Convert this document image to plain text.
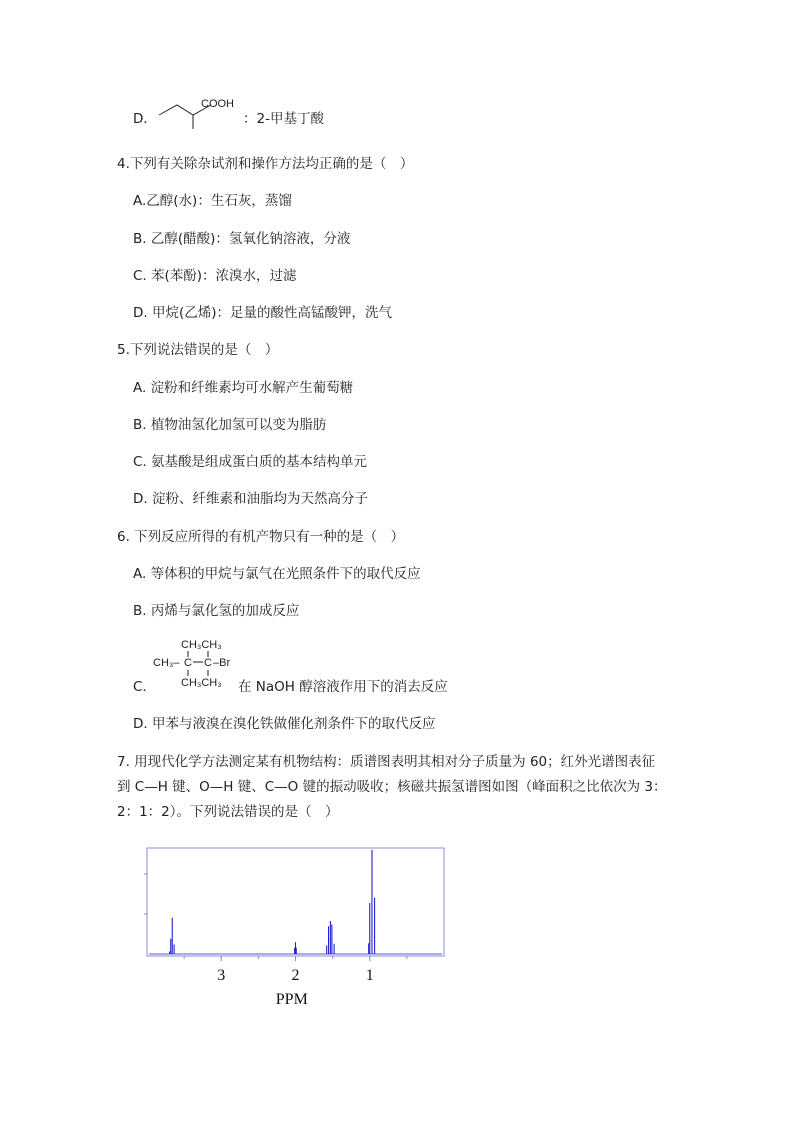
D．
COOH
：2-甲基丁酸
4.下列有关除杂试剂和操作方法均正确的是（　）
A.乙醇(水)：生石灰，蒸馏
B. 乙醇(醋酸)：氢氧化钠溶液，分液
C. 苯(苯酚)：浓溴水，过滤
D. 甲烷(乙烯)：足量的酸性高锰酸钾，洗气
5.下列说法错误的是（　）
A. 淀粉和纤维素均可水解产生葡萄糖
B. 植物油氢化加氢可以变为脂肪
C. 氨基酸是组成蛋白质的基本结构单元
D. 淀粉、纤维素和油脂均为天然高分子
6. 下列反应所得的有机产物只有一种的是（　）
A. 等体积的甲烷与氯气在光照条件下的取代反应
B. 丙烯与氯化氢的加成反应
CH₃CH₃
CH₃– C C –Br
CH₃CH₃
C.	在 NaOH 醇溶液作用下的消去反应
D. 甲苯与液溴在溴化铁做催化剂条件下的取代反应
7. 用现代化学方法测定某有机物结构：质谱图表明其相对分子质量为 60；红外光谱图表征
到 C—H 键、O—H 键、C—O 键的振动吸收；核磁共振氢谱图如图（峰面积之比依次为 3：
2：1：2）。下列说法错误的是（　）
3	2	1
PPM
